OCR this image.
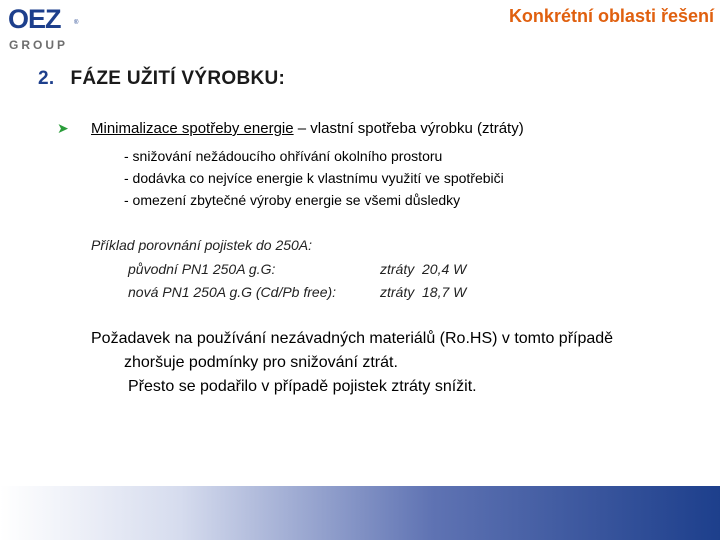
OEZ ®
GROUP
Konkrétní oblasti řešení
2. FÁZE UŽITÍ VÝROBKU:
➤ Minimalizace spotřeby energie – vlastní spotřeba výrobku (ztráty)
- snižování nežádoucího ohřívání okolního prostoru
- dodávka co nejvíce energie k vlastnímu využití ve spotřebiči
- omezení zbytečné výroby energie se všemi důsledky
Příklad porovnání pojistek do 250A:
původní PN1 250A g.G:	ztráty  20,4 W
nová PN1 250A g.G (Cd/Pb free):	ztráty  18,7 W
Požadavek na používání nezávadných materiálů (Ro.HS) v tomto případě
zhoršuje podmínky pro snižování ztrát.
Přesto se podařilo v případě pojistek ztráty snížit.
